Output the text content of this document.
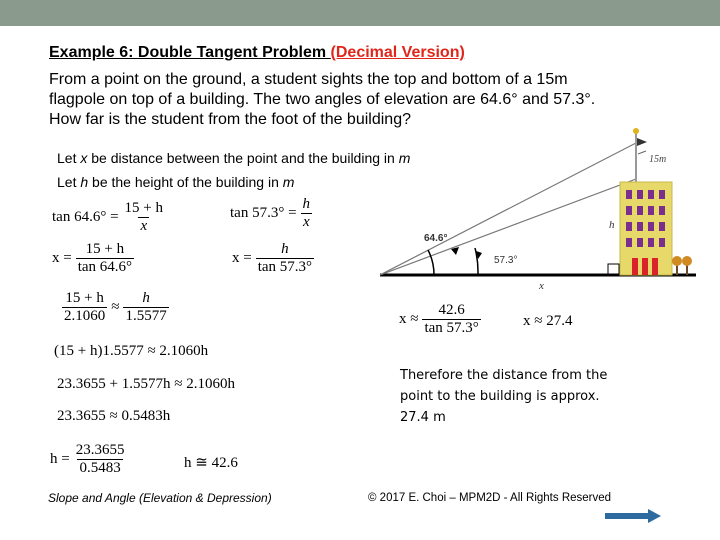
Example 6: Double Tangent Problem (Decimal Version)

From a point on the ground, a student sights the top and bottom of a 15m

flagpole on top of a building. The two angles of elevation are 64.6° and 57.3°.

How far is the student from the foot of the building?

Let x be distance between the point and the building in m
Let h be the height of the building in m
$\tan 64.6^\circ = \frac{15 + h}{x}$	$\tan 57.3^\circ = \frac{h}{x}$
$x = \frac{15 + h}{\tan 64.6^\circ}$	$x = \frac{h}{\tan 57.3^\circ}$
$\frac{15 + h}{2.1060} \approx \frac{h}{1.5577}$
(15 + h)1.5577 ≈ 2.1060h
23.3655 + 1.5577h ≈ 2.1060h
23.3655 ≈ 0.5483h
$h = \frac{23.3655}{0.5483}$	h ≅ 42.6
$x \approx \frac{42.6}{\tan 57.3^\circ}$	x ≈ 27.4
15m
h
64.6°
57.3°
x
Therefore the distance from the point to the building is approx. 27.4 m
Slope and Angle (Elevation & Depression)	© 2017 E. Choi – MPM2D - All Rights Reserved
